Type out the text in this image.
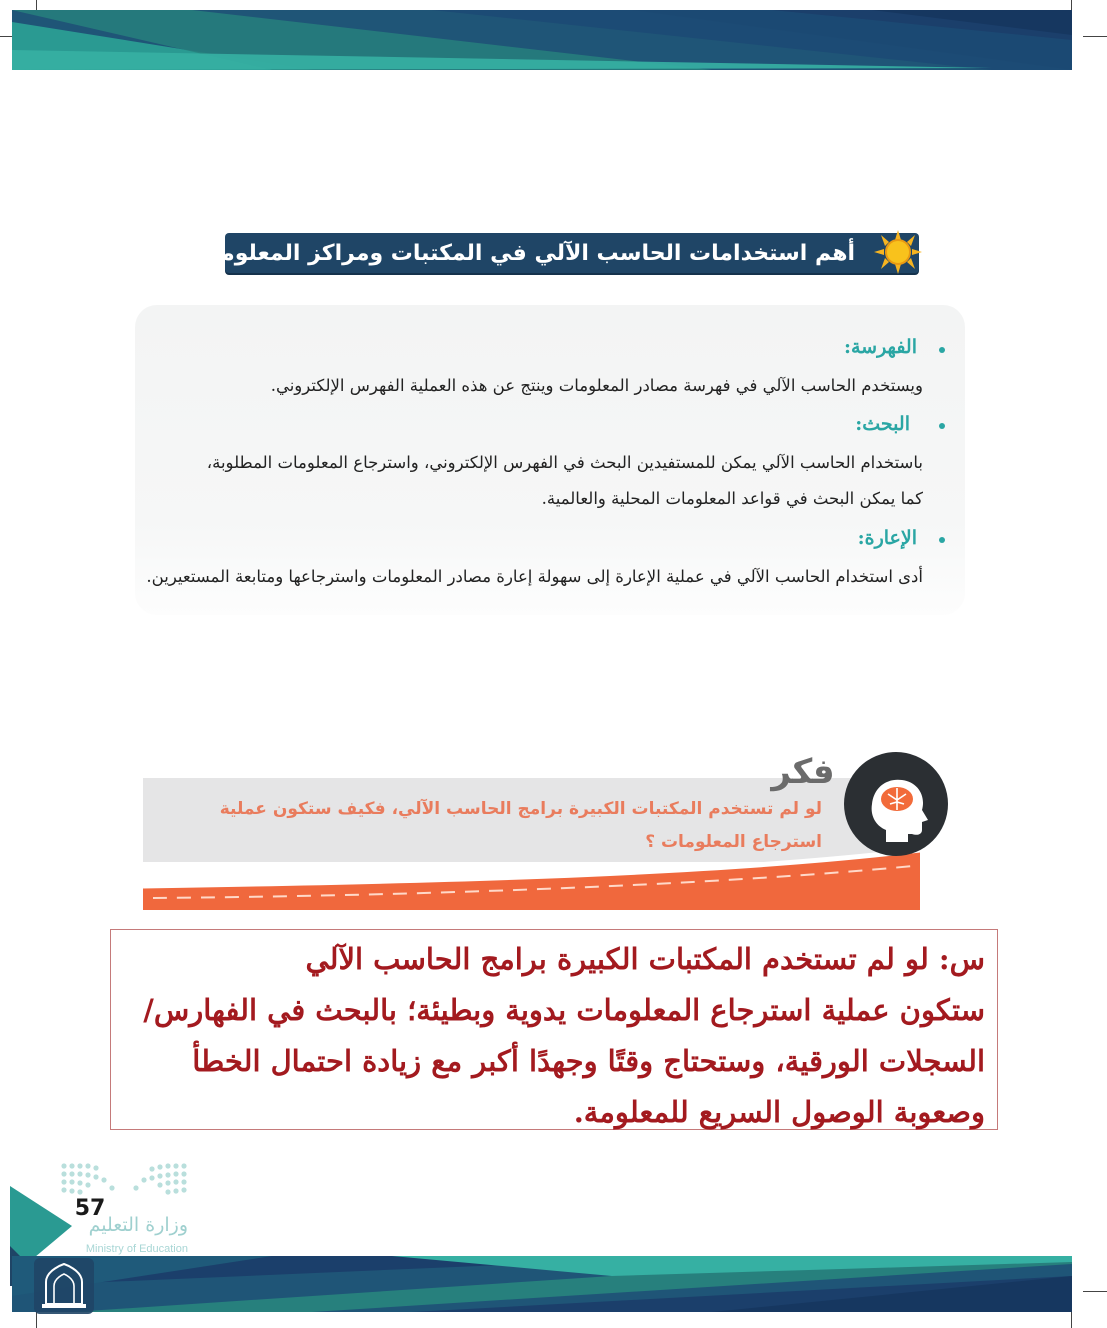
أهم استخدامات الحاسب الآلي في المكتبات ومراكز المعلومات:
الفهرسة:
ويستخدم الحاسب الآلي في فهرسة مصادر المعلومات وينتج عن هذه العملية الفهرس الإلكتروني.
البحث:
باستخدام الحاسب الآلي يمكن للمستفيدين البحث في الفهرس الإلكتروني، واسترجاع المعلومات المطلوبة،
كما يمكن البحث في قواعد المعلومات المحلية والعالمية.
الإعارة:
أدى استخدام الحاسب الآلي في عملية الإعارة إلى سهولة إعارة مصادر المعلومات واسترجاعها ومتابعة المستعيرين.
فكر
لو لم تستخدم المكتبات الكبيرة برامج الحاسب الآلي، فكيف ستكون عملية
استرجاع المعلومات ؟
س: لو لم تستخدم المكتبات الكبيرة برامج الحاسب الآلي
ستكون عملية استرجاع المعلومات يدوية وبطيئة؛ بالبحث في الفهارس/
السجلات الورقية، وستحتاج وقتًا وجهدًا أكبر مع زيادة احتمال الخطأ
وصعوبة الوصول السريع للمعلومة.
وزارة التعليم
Ministry of Education
57
